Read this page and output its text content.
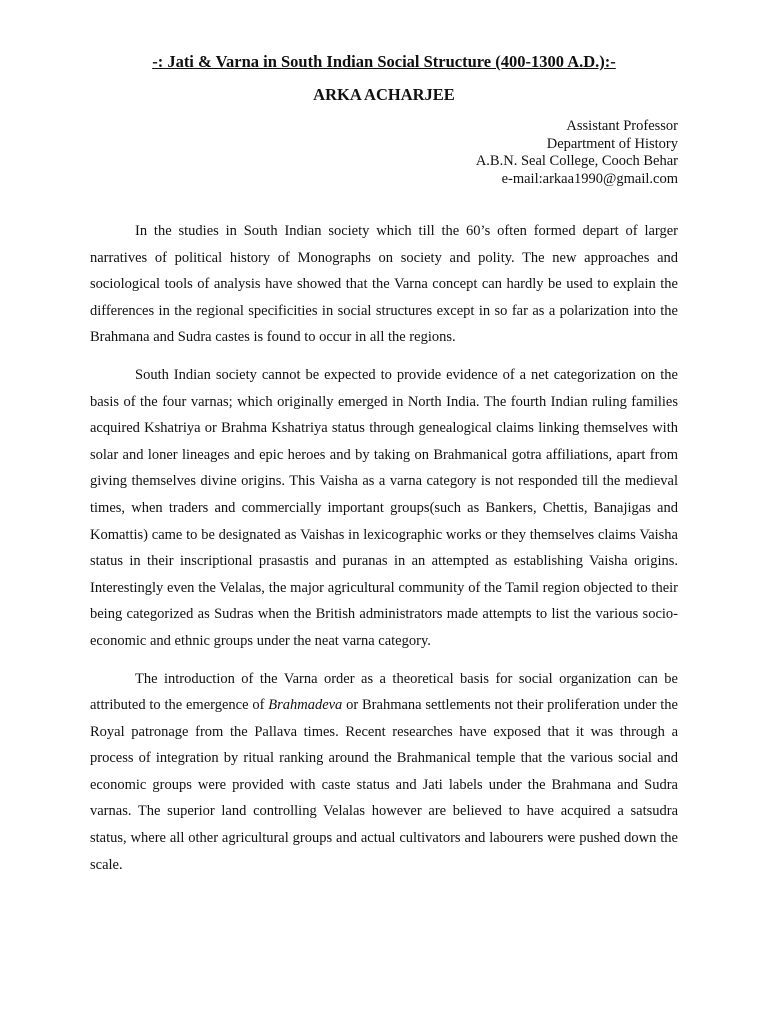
-: Jati & Varna in South Indian Social Structure (400-1300 A.D.):-
ARKA ACHARJEE
Assistant Professor
Department of History
A.B.N. Seal College, Cooch Behar
e-mail:arkaa1990@gmail.com

In the studies in South Indian society which till the 60’s often formed depart of larger narratives of political history of Monographs on society and polity. The new approaches and sociological tools of analysis have showed that the Varna concept can hardly be used to explain the differences in the regional specificities in social structures except in so far as a polarization into the Brahmana and Sudra castes is found to occur in all the regions.

South Indian society cannot be expected to provide evidence of a net categorization on the basis of the four varnas; which originally emerged in North India. The fourth Indian ruling families acquired Kshatriya or Brahma Kshatriya status through genealogical claims linking themselves with solar and loner lineages and epic heroes and by taking on Brahmanical gotra affiliations, apart from giving themselves divine origins. This Vaisha as a varna category is not responded till the medieval times, when traders and commercially important groups(such as Bankers, Chettis, Banajigas and Komattis) came to be designated as Vaishas in lexicographic works or they themselves claims Vaisha status in their inscriptional prasastis and puranas in an attempted as establishing Vaisha origins. Interestingly even the Velalas, the major agricultural community of the Tamil region objected to their being categorized as Sudras when the British administrators made attempts to list the various socio-economic and ethnic groups under the neat varna category.

The introduction of the Varna order as a theoretical basis for social organization can be attributed to the emergence of Brahmadeva or Brahmana settlements not their proliferation under the Royal patronage from the Pallava times. Recent researches have exposed that it was through a process of integration by ritual ranking around the Brahmanical temple that the various social and economic groups were provided with caste status and Jati labels under the Brahmana and Sudra varnas. The superior land controlling Velalas however are believed to have acquired a satsudra status, where all other agricultural groups and actual cultivators and labourers were pushed down the scale.
